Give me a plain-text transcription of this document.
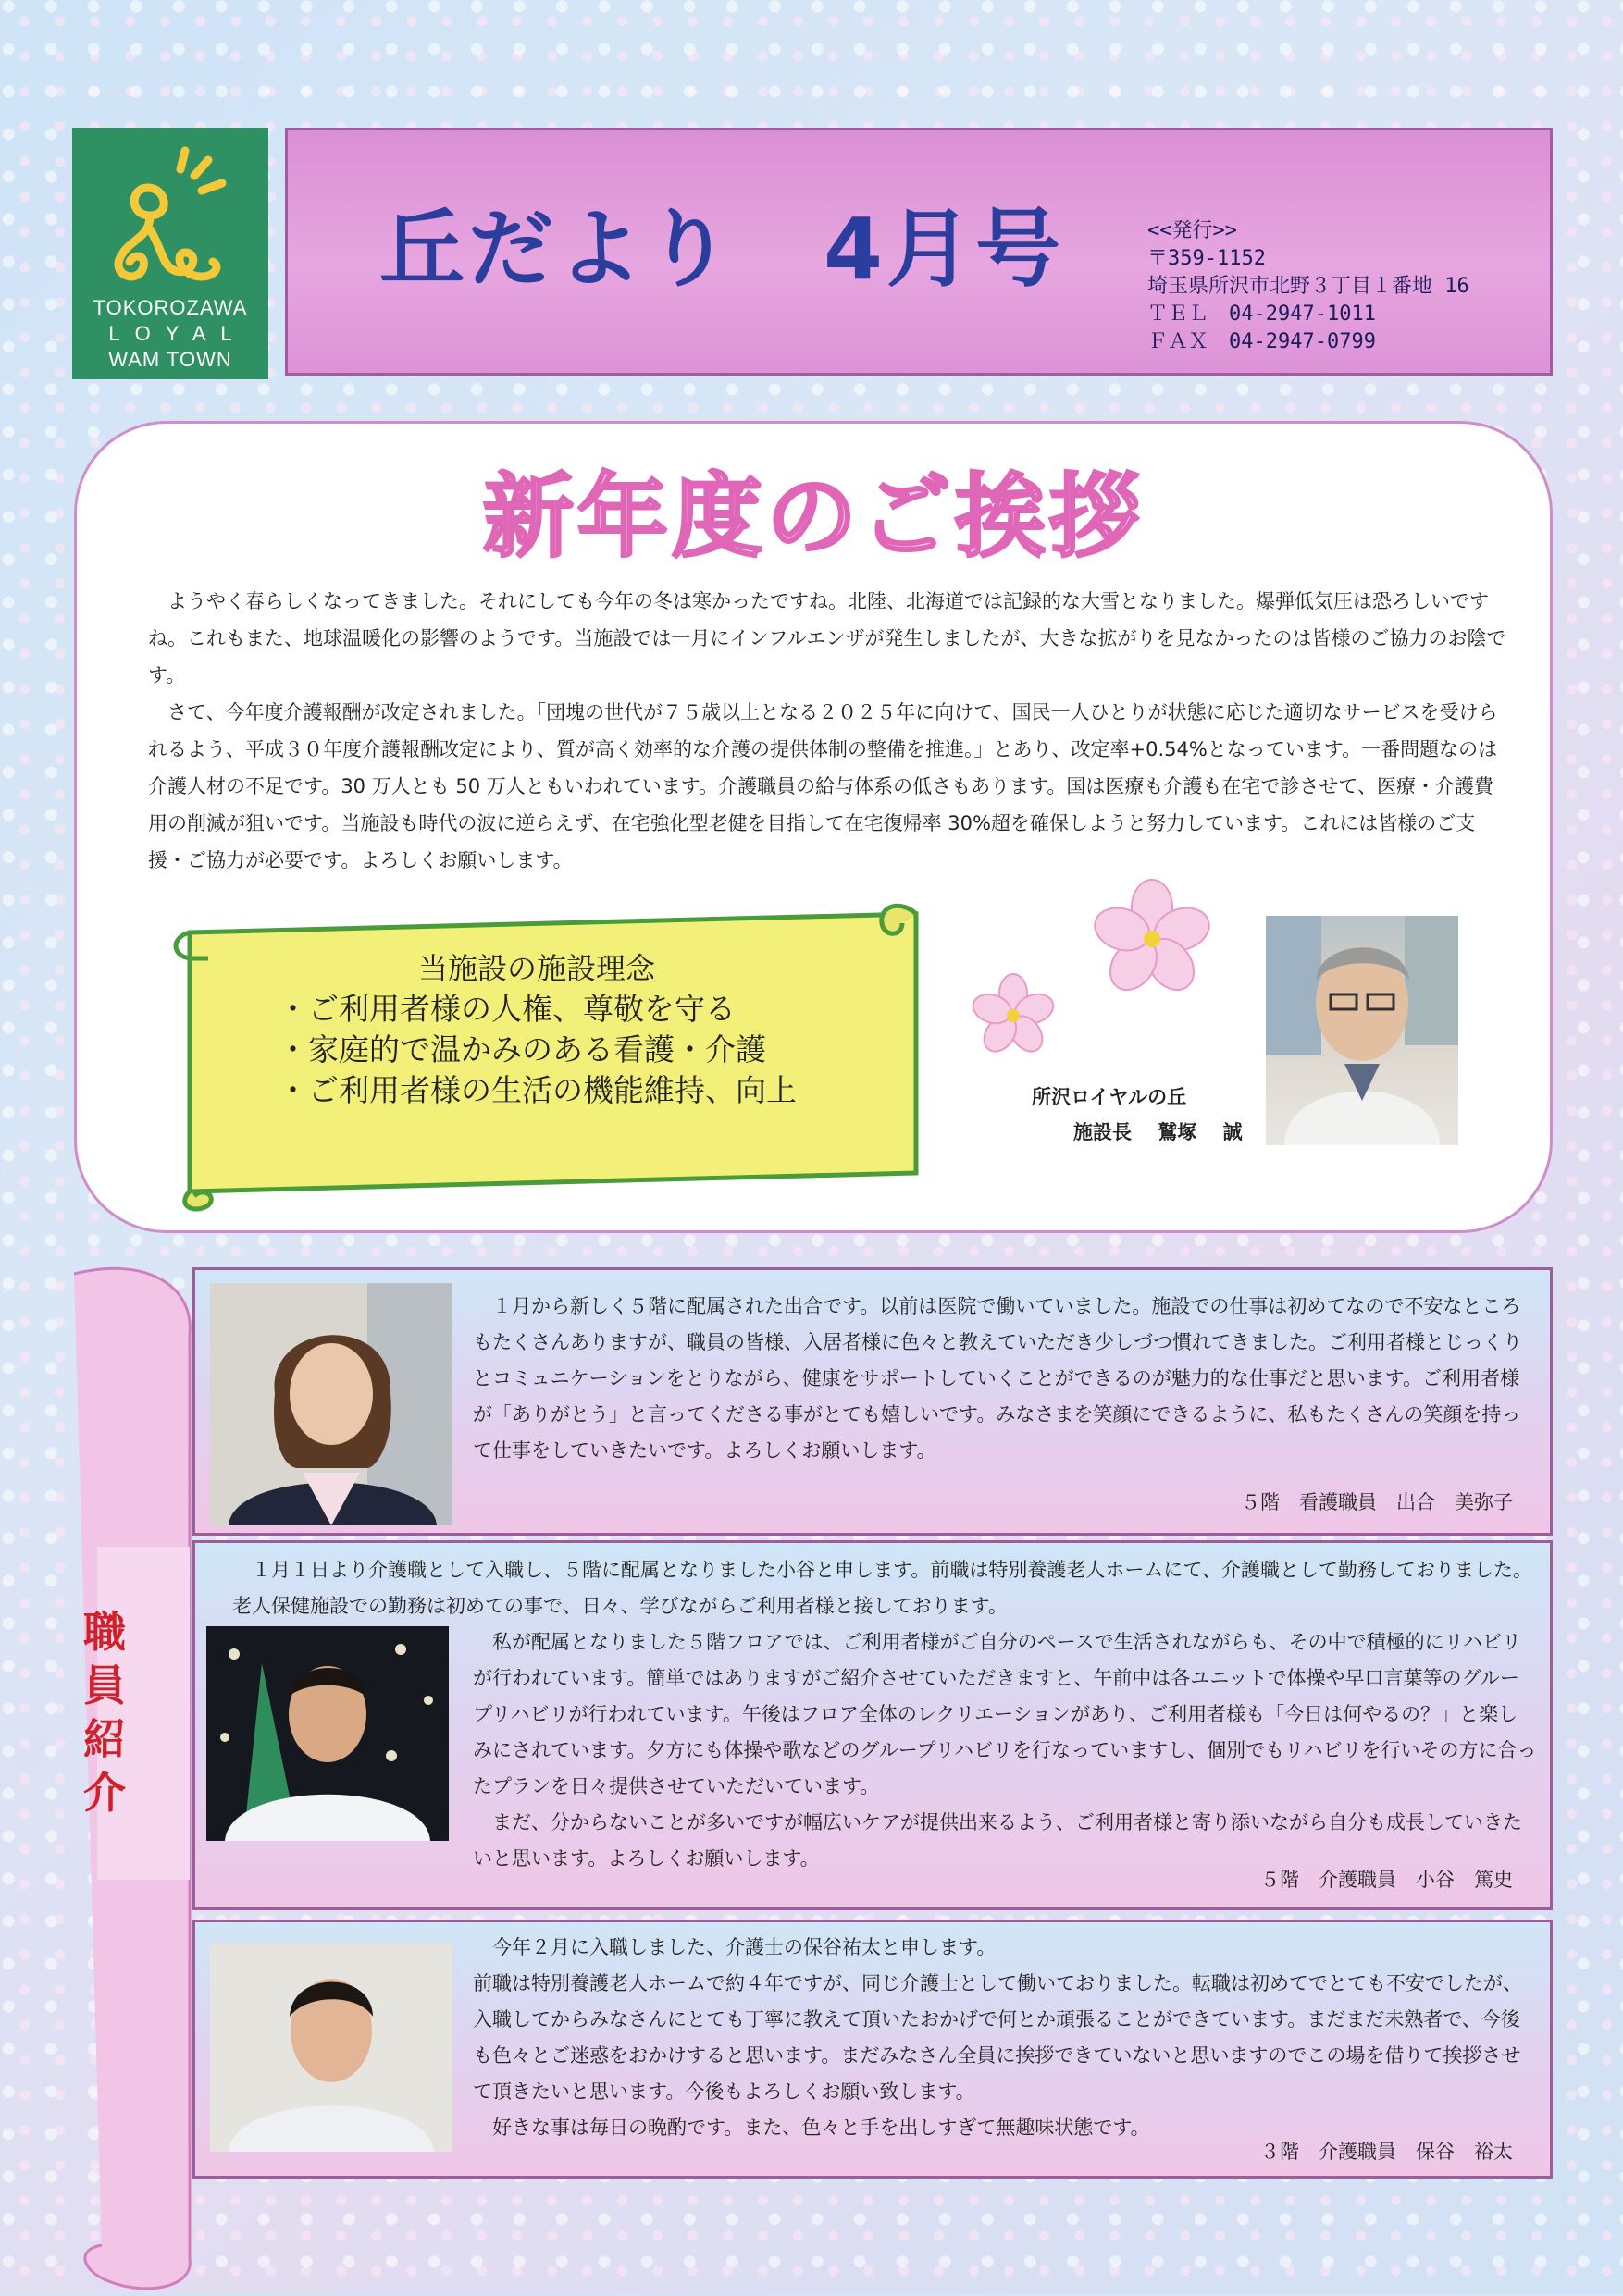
TOKOROZAWA
LOYAL
WAM TOWN
丘だより　4月号	<<発行>>
〒359-1152
埼玉県所沢市北野３丁目１番地 16
ＴＥＬ　04-2947-1011
ＦＡＸ　04-2947-0799
新年度のご挨拶

ようやく春らしくなってきました。それにしても今年の冬は寒かったですね。北陸、北海道では記録的な大雪となりました。爆弾低気圧は恐ろしいですね。これもまた、地球温暖化の影響のようです。当施設では一月にインフルエンザが発生しましたが、大きな拡がりを見なかったのは皆様のご協力のお陰です。

さて、今年度介護報酬が改定されました。「団塊の世代が７５歳以上となる２０２５年に向けて、国民一人ひとりが状態に応じた適切なサービスを受けられるよう、平成３０年度介護報酬改定により、質が高く効率的な介護の提供体制の整備を推進。」とあり、改定率+0.54%となっています。一番問題なのは介護人材の不足です。30 万人とも 50 万人ともいわれています。介護職員の給与体系の低さもあります。国は医療も介護も在宅で診させて、医療・介護費用の削減が狙いです。当施設も時代の波に逆らえず、在宅強化型老健を目指して在宅復帰率 30%超を確保しようと努力しています。これには皆様のご支援・ご協力が必要です。よろしくお願いします。

当施設の施設理念
・ご利用者様の人権、尊敬を守る
・家庭的で温かみのある看護・介護
・ご利用者様の生活の機能維持、向上	所沢ロイヤルの丘
施設長　 鷲塚　 誠
職員紹介

１月から新しく５階に配属された出合です。以前は医院で働いていました。施設での仕事は初めてなので不安なところもたくさんありますが、職員の皆様、入居者様に色々と教えていただき少しづつ慣れてきました。ご利用者様とじっくりとコミュニケーションをとりながら、健康をサポートしていくことができるのが魅力的な仕事だと思います。ご利用者様が「ありがとう」と言ってくださる事がとても嬉しいです。みなさまを笑顔にできるように、私もたくさんの笑顔を持って仕事をしていきたいです。よろしくお願いします。

５階　看護職員　出合　美弥子

１月１日より介護職として入職し、５階に配属となりました小谷と申します。前職は特別養護老人ホームにて、介護職として勤務しておりました。老人保健施設での勤務は初めての事で、日々、学びながらご利用者様と接しております。

私が配属となりました５階フロアでは、ご利用者様がご自分のペースで生活されながらも、その中で積極的にリハビリが行われています。簡単ではありますがご紹介させていただきますと、午前中は各ユニットで体操や早口言葉等のグループリハビリが行われています。午後はフロア全体のレクリエーションがあり、ご利用者様も「今日は何やるの？」と楽しみにされています。夕方にも体操や歌などのグループリハビリを行なっていますし、個別でもリハビリを行いその方に合ったプランを日々提供させていただいています。

まだ、分からないことが多いですが幅広いケアが提供出来るよう、ご利用者様と寄り添いながら自分も成長していきたいと思います。よろしくお願いします。

５階　介護職員　小谷　篤史

今年２月に入職しました、介護士の保谷祐太と申します。

前職は特別養護老人ホームで約４年ですが、同じ介護士として働いておりました。転職は初めてでとても不安でしたが、入職してからみなさんにとても丁寧に教えて頂いたおかげで何とか頑張ることができています。まだまだ未熟者で、今後も色々とご迷惑をおかけすると思います。まだみなさん全員に挨拶できていないと思いますのでこの場を借りて挨拶させて頂きたいと思います。今後もよろしくお願い致します。

好きな事は毎日の晩酌です。また、色々と手を出しすぎて無趣味状態です。

３階　介護職員　保谷　裕太
